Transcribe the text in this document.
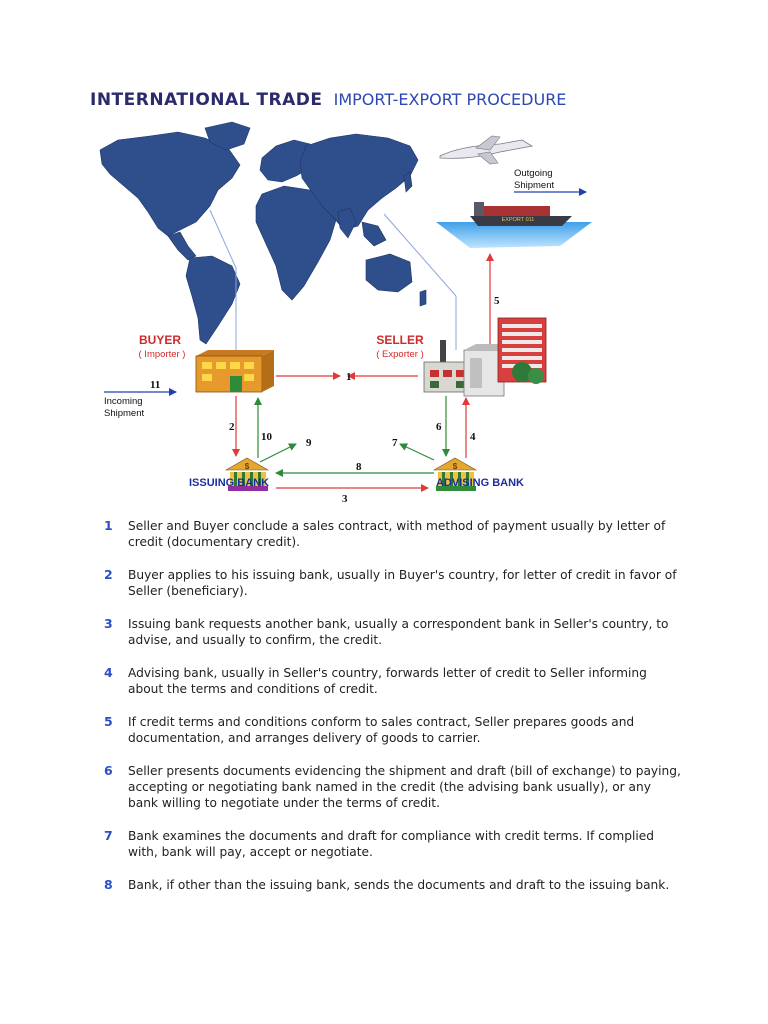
INTERNATIONAL TRADE IMPORT-EXPORT PROCEDURE
EXPORT 011
$	$
1
2
3
4
5
6
7
8
9
10
11
BUYER
( Importer )
SELLER
( Exporter )
ISSUING BANK	ADVISING BANK
Outgoing
Shipment
Incoming
Shipment
1 Seller and Buyer conclude a sales contract, with method of payment usually by letter of credit (documentary credit).
2 Buyer applies to his issuing bank, usually in Buyer's country, for letter of credit in favor of Seller (beneficiary).
3 Issuing bank requests another bank, usually a correspondent bank in Seller's country, to advise, and usually to confirm, the credit.
4 Advising bank, usually in Seller's country, forwards letter of credit to Seller informing about the terms and conditions of credit.
5 If credit terms and conditions conform to sales contract, Seller prepares goods and documentation, and arranges delivery of goods to carrier.
6 Seller presents documents evidencing the shipment and draft (bill of exchange) to paying, accepting or negotiating bank named in the credit (the advising bank usually), or any bank willing to negotiate under the terms of credit.
7 Bank examines the documents and draft for compliance with credit terms. If complied with, bank will pay, accept or negotiate.
8 Bank, if other than the issuing bank, sends the documents and draft to the issuing bank.
